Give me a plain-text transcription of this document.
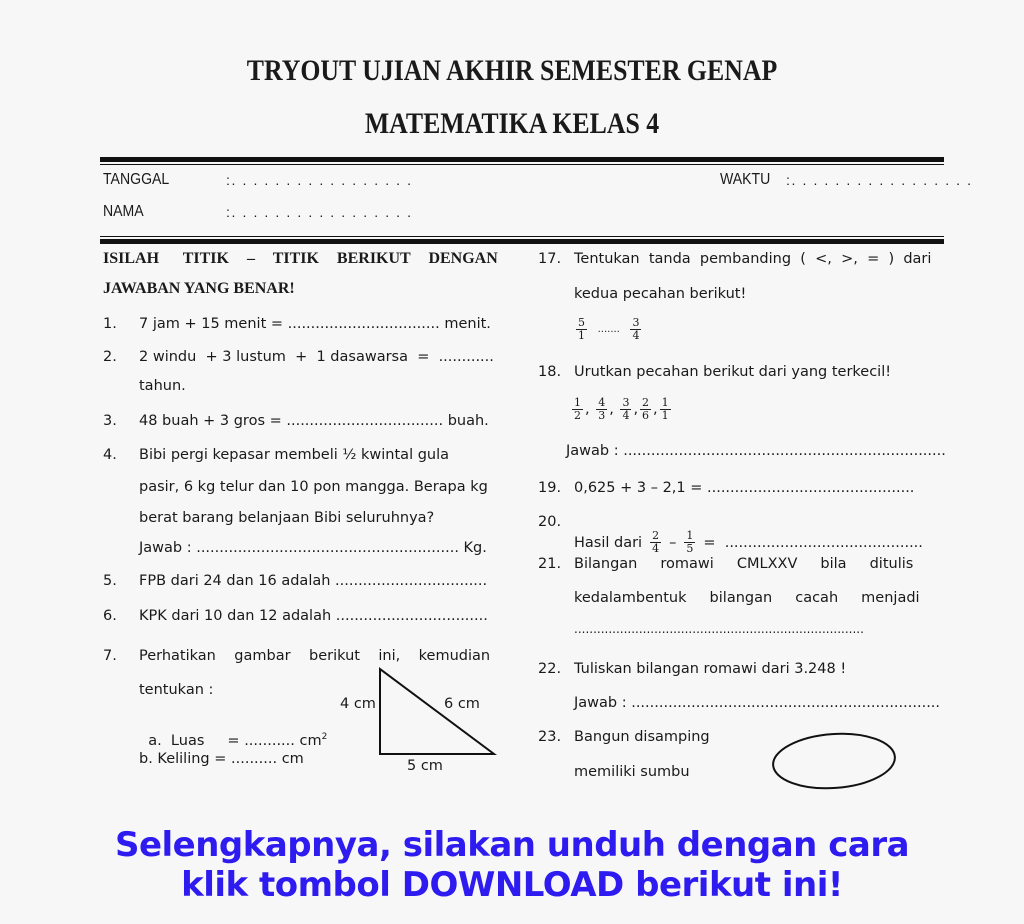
TRYOUT UJIAN AKHIR SEMESTER GENAP
MATEMATIKA KELAS 4
TANGGAL	:. . . . . . . . . . . . . . . . .	WAKTU :. . . . . . . . . . . . . . . . .
NAMA	:. . . . . . . . . . . . . . . . .
ISILAH    TITIK   –   TITIK   BERIKUT   DENGAN
JAWABAN YANG BENAR!
1. 7 jam + 15 menit = ................................. menit.
2. 2 windu  + 3 lustum  +  1 dasawarsa  =  ............
tahun.
3. 48 buah + 3 gros = .................................. buah.
4. Bibi pergi kepasar membeli ½ kwintal gula
pasir, 6 kg telur dan 10 pon mangga. Berapa kg
berat barang belanjaan Bibi seluruhnya?
Jawab : ......................................................... Kg.
5. FPB dari 24 dan 16 adalah .................................
6. KPK dari 10 dan 12 adalah .................................
7. Perhatikan    gambar    berikut    ini,    kemudian
tentukan :

a.  Luas     = ........... $cm^2$

b. Keliling = .......... cm
4 cm	6 cm
5 cm
17. Tentukan  tanda  pembanding  (  <,  >,  =  )  dari
kedua pecahan berikut!
$\frac{5}{1}$ ....... $\frac{3}{4}$
18. Urutkan pecahan berikut dari yang terkecil!
$\frac{1}{2}$ , $\frac{4}{3}$ , $\frac{3}{4}$ , $\frac{2}{6}$ , $\frac{1}{1}$
Jawab : ......................................................................
19. 0,625 + 3 – 2,1 = .............................................
20.
Hasil dari $\frac{2}{4} - \frac{1}{5}$ =  ...........................................
21. Bilangan     romawi     CMLXXV     bila     ditulis
kedalambentuk     bilangan     cacah     menjadi
............................................................................
22. Tuliskan bilangan romawi dari 3.248 !
Jawab : ...................................................................
23. Bangun disamping
memiliki sumbu
Selengkapnya, silakan unduh dengan cara
klik tombol DOWNLOAD berikut ini!
